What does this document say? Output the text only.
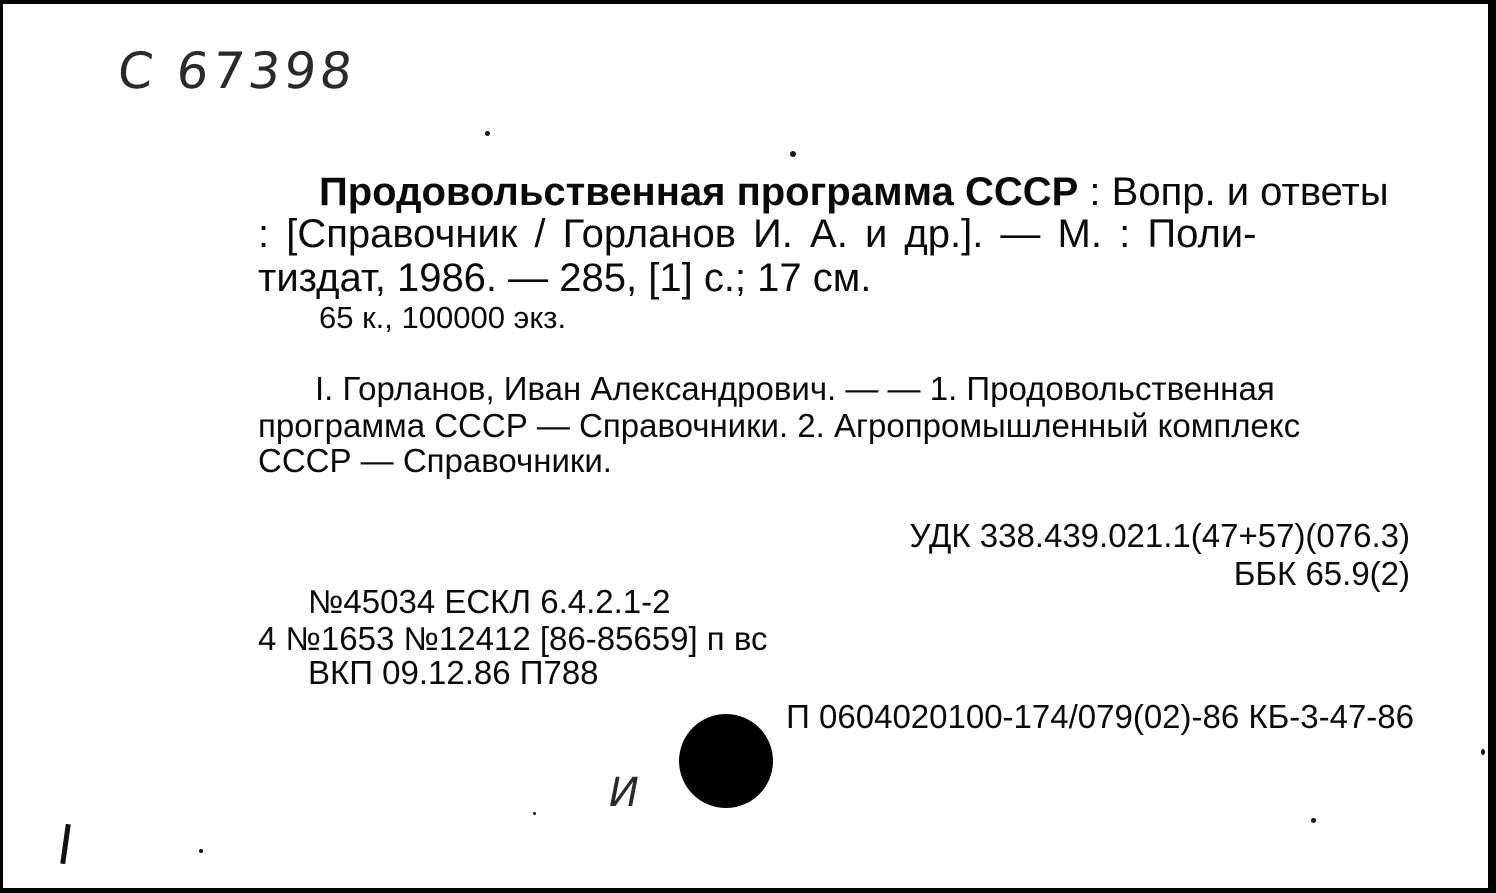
С 67398
Продовольственная программа СССР : Вопр. и ответы
: [Справочник / Горланов И. А. и др.]. — М. : Поли-
тиздат, 1986. — 285, [1] с.; 17 см.
65 к., 100000 экз.
I. Горланов, Иван Александрович. — — 1. Продовольственная
программа СССР — Справочники. 2. Агропромышленный комплекс
СССР — Справочники.
УДК 338.439.021.1(47+57)(076.3)
ББК 65.9(2)
№45034 ЕСКЛ 6.4.2.1-2
4 №1653 №12412 [86-85659] п вс
ВКП 09.12.86 П788
П 0604020100-174/079(02)-86 КБ-3-47-86
И
